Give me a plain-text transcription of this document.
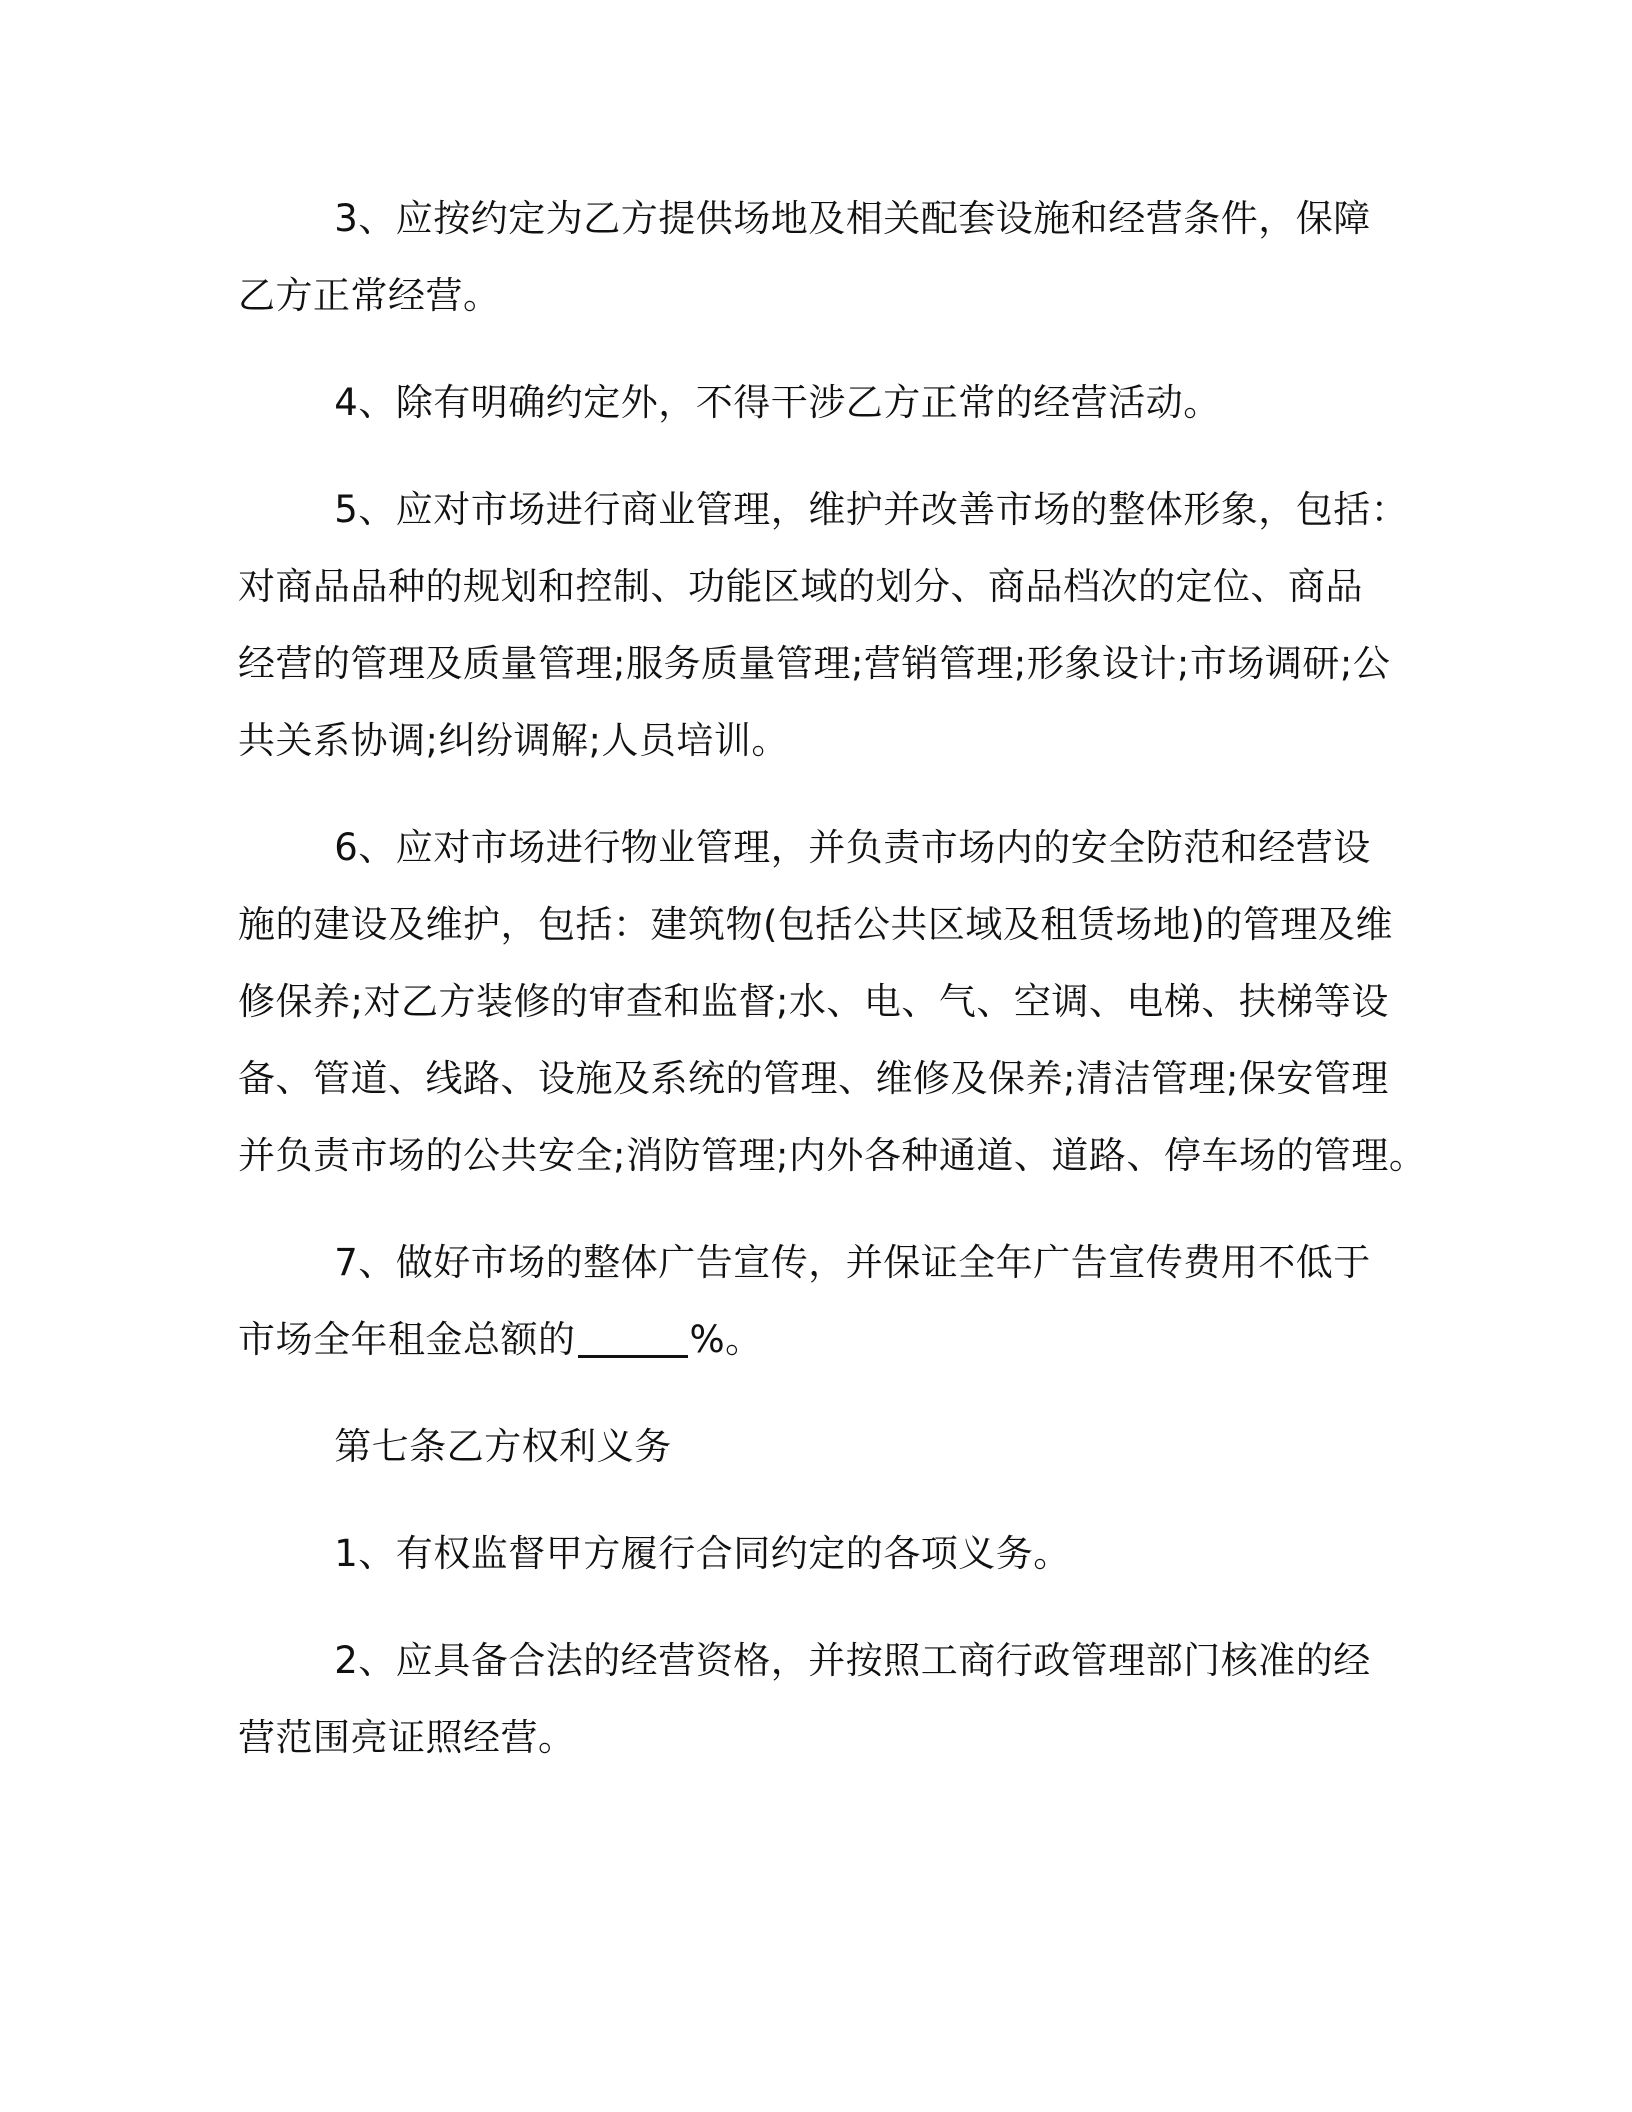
3、应按约定为乙方提供场地及相关配套设施和经营条件，保障
乙方正常经营。

4、除有明确约定外，不得干涉乙方正常的经营活动。

5、应对市场进行商业管理，维护并改善市场的整体形象，包括：
对商品品种的规划和控制、功能区域的划分、商品档次的定位、商品
经营的管理及质量管理;服务质量管理;营销管理;形象设计;市场调研;公
共关系协调;纠纷调解;人员培训。

6、应对市场进行物业管理，并负责市场内的安全防范和经营设
施的建设及维护，包括：建筑物(包括公共区域及租赁场地)的管理及维
修保养;对乙方装修的审查和监督;水、电、气、空调、电梯、扶梯等设
备、管道、线路、设施及系统的管理、维修及保养;清洁管理;保安管理
并负责市场的公共安全;消防管理;内外各种通道、道路、停车场的管理。

7、做好市场的整体广告宣传，并保证全年广告宣传费用不低于
市场全年租金总额的	%。

第七条乙方权利义务

1、有权监督甲方履行合同约定的各项义务。

2、应具备合法的经营资格，并按照工商行政管理部门核准的经
营范围亮证照经营。
